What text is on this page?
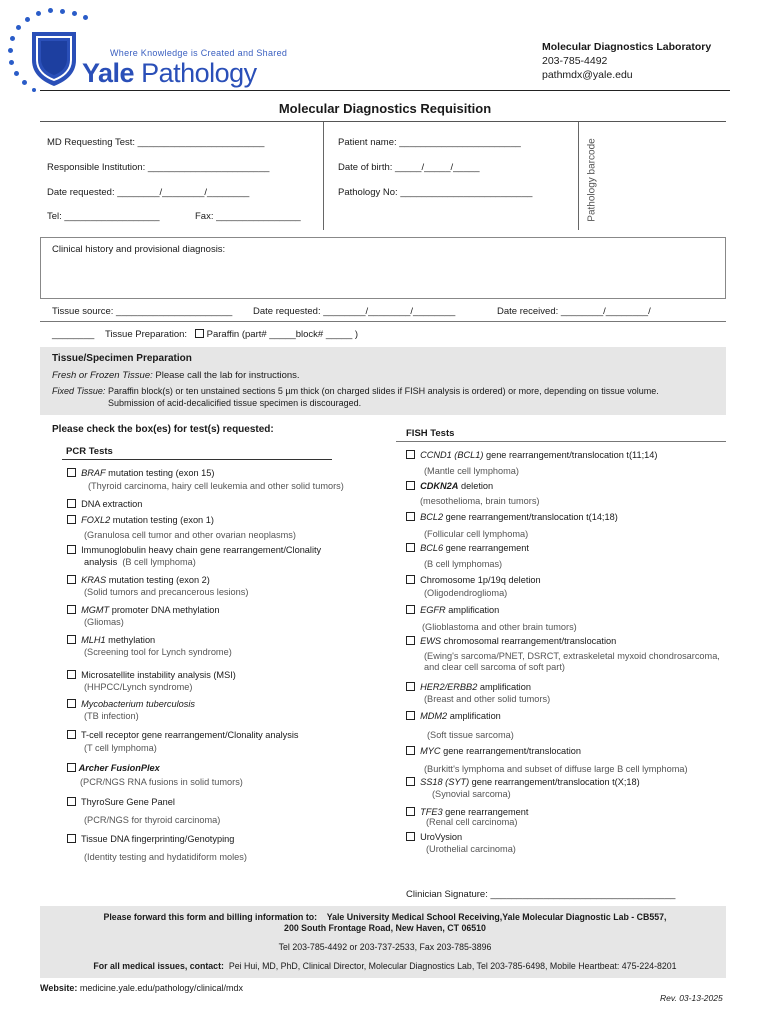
Where Knowledge is Created and Shared
Yale Pathology
Molecular Diagnostics Laboratory
203-785-4492
pathmdx@yale.edu
Molecular Diagnostics Requisition
Pathology barcode
MD Requesting Test: ________________________
Responsible Institution: _______________________
Date requested: ________/________/________
Tel: __________________	Fax: ________________
Patient name: _______________________
Date of birth: _____/_____/_____
Pathology No: _________________________
Clinical history and provisional diagnosis:
Tissue source: ______________________ Date requested: ________/________/________	Date received: ________/________/
________ Tissue Preparation:	Paraffin (part# _____block# _____ )
Tissue/Specimen Preparation
Fresh or Frozen Tissue: Please call the lab for instructions.
Fixed Tissue: Paraffin block(s) or ten unstained sections 5 µm thick (on charged slides if FISH analysis is ordered) or more, depending on tissue volume.
Submission of acid-decalicified tissue specimen is discouraged.
Please check the box(es) for test(s) requested:
PCR Tests
FISH Tests
BRAF mutation testing (exon 15)
(Thyroid carcinoma, hairy cell leukemia and other solid tumors)
DNA extraction
FOXL2 mutation testing (exon 1)
(Granulosa cell tumor and other ovarian neoplasms)
Immunoglobulin heavy chain gene rearrangement/Clonality
analysis (B cell lymphoma)
KRAS mutation testing (exon 2)
(Solid tumors and precancerous lesions)
MGMT promoter DNA methylation
(Gliomas)
MLH1 methylation
(Screening tool for Lynch syndrome)
Microsatellite instability analysis (MSI)
(HHPCC/Lynch syndrome)
Mycobacterium tuberculosis
(TB infection)
T-cell receptor gene rearrangement/Clonality analysis
(T cell lymphoma)
Archer FusionPlex
(PCR/NGS RNA fusions in solid tumors)
ThyroSure Gene Panel
(PCR/NGS for thyroid carcinoma)
Tissue DNA fingerprinting/Genotyping
(Identity testing and hydatidiform moles)
CCND1 (BCL1) gene rearrangement/translocation t(11;14)
(Mantle cell lymphoma)
CDKN2A deletion
(mesothelioma, brain tumors)
BCL2 gene rearrangement/translocation t(14;18)
(Follicular cell lymphoma)
BCL6 gene rearrangement
(B cell lymphomas)
Chromosome 1p/19q deletion
(Oligodendroglioma)
EGFR amplification
(Glioblastoma and other brain tumors)
EWS chromosomal rearrangement/translocation
(Ewing's sarcoma/PNET, DSRCT, extraskeletal myxoid chondrosarcoma,
and clear cell sarcoma of soft part)
HER2/ERBB2 amplification
(Breast and other solid tumors)
MDM2 amplification
(Soft tissue sarcoma)
MYC gene rearrangement/translocation
(Burkitt's lymphoma and subset of diffuse large B cell lymphoma)
SS18 (SYT) gene rearrangement/translocation t(X;18)
(Synovial sarcoma)
TFE3 gene rearrangement
(Renal cell carcinoma)
UroVysion
(Urothelial carcinoma)
Clinician Signature: ___________________________________
Please forward this form and billing information to: Yale University Medical School Receiving,Yale Molecular Diagnostic Lab - CB557,
200 South Frontage Road, New Haven, CT 06510
Tel 203-785-4492 or 203-737-2533, Fax 203-785-3896
For all medical issues, contact: Pei Hui, MD, PhD, Clinical Director, Molecular Diagnostics Lab, Tel 203-785-6498, Mobile Heartbeat: 475-224-8201
Website: medicine.yale.edu/pathology/clinical/mdx
Rev. 03-13-2025
